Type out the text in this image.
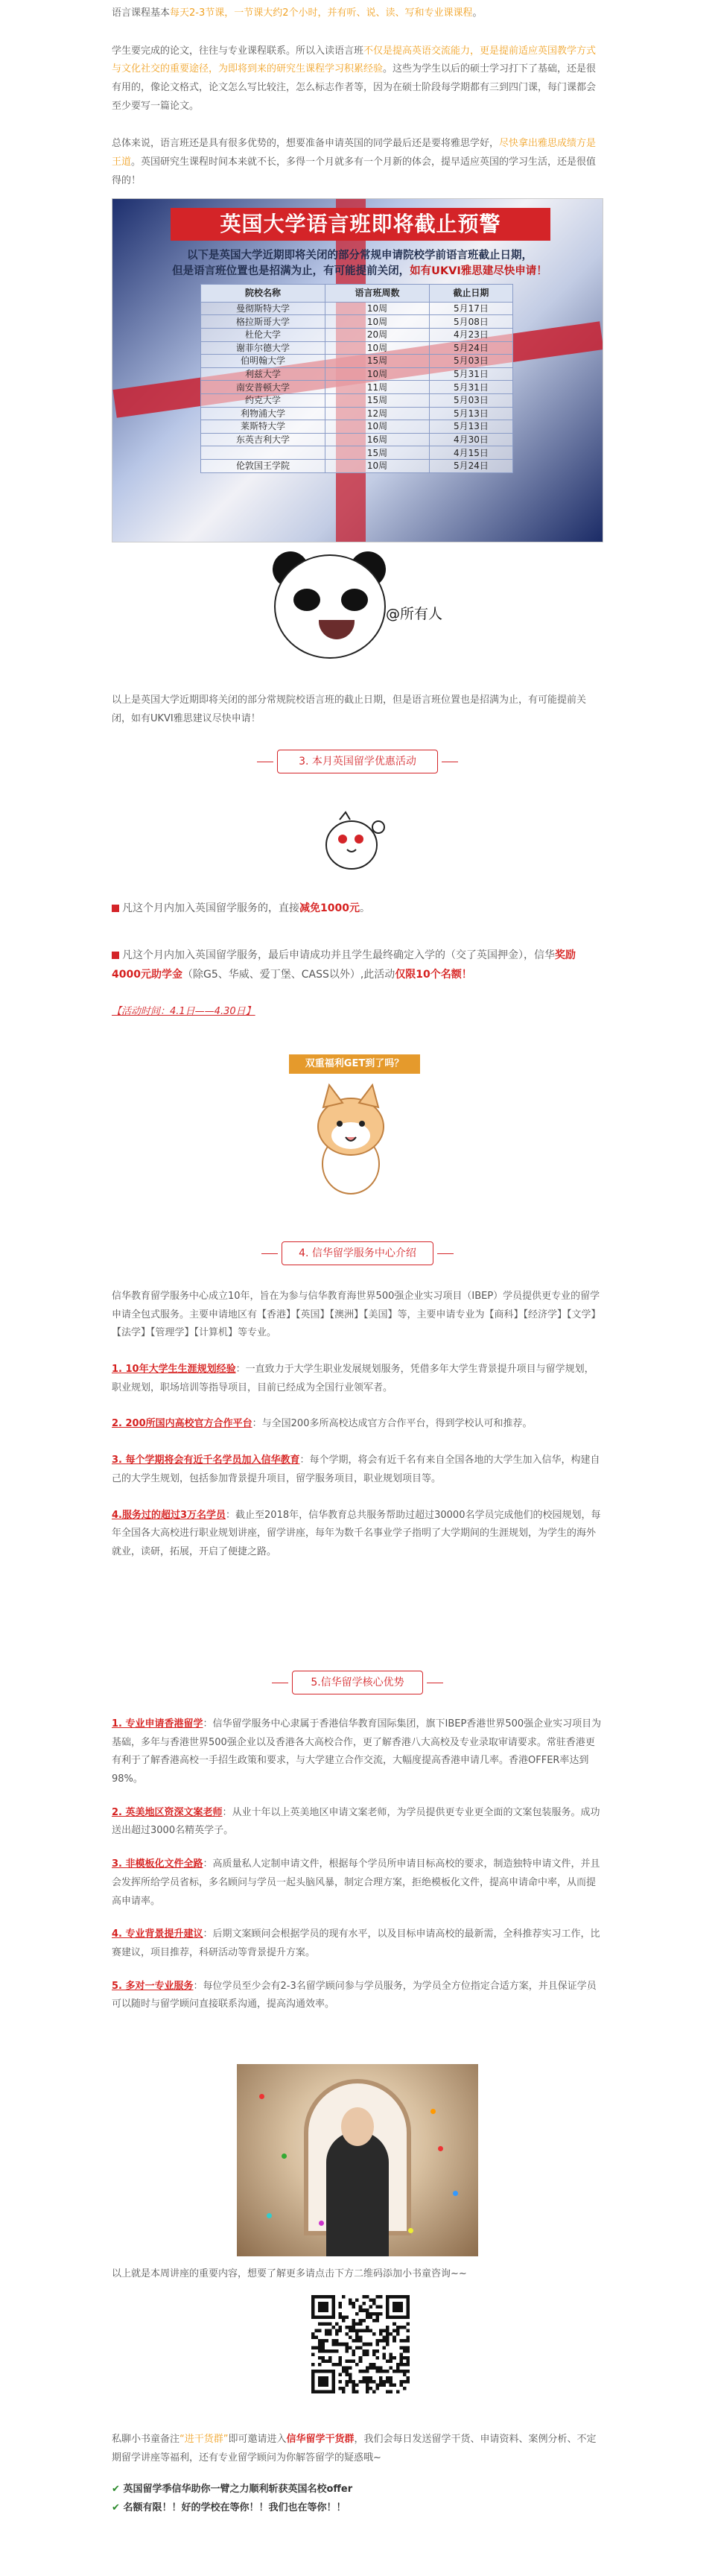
语言课程基本每天2-3节课，一节课大约2个小时，并有听、说、读、写和专业课课程。

学生要完成的论文，往往与专业课程联系。所以入读语言班不仅是提高英语交流能力，更是提前适应英国教学方式与文化社交的重要途径，为即将到来的研究生课程学习积累经验。这些为学生以后的硕士学习打下了基础，还是很有用的，像论文格式，论文怎么写比较注，怎么标志作者等，因为在硕士阶段每学期都有三到四门课，每门课都会至少要写一篇论文。

总体来说，语言班还是具有很多优势的，想要准备申请英国的同学最后还是要将雅思学好，尽快拿出雅思成绩方是王道。英国研究生课程时间本来就不长，多得一个月就多有一个月新的体会，提早适应英国的学习生活，还是很值得的！

英国大学语言班即将截止预警
以下是英国大学近期即将关闭的部分常规申请院校学前语言班截止日期，
但是语言班位置也是招满为止，有可能提前关闭，如有UKVI雅思建尽快申请！
院校名称	语言班周数	截止日期
曼彻斯特大学	10周	5月17日
格拉斯哥大学	10周	5月08日
杜伦大学	20周	4月23日
谢菲尔德大学	10周	5月24日
伯明翰大学	15周	5月03日
利兹大学	10周	5月31日
南安普顿大学	11周	5月31日
约克大学	15周	5月03日
利物浦大学	12周	5月13日
莱斯特大学	10周	5月13日
东英吉利大学	16周	4月30日
	15周	4月15日
伦敦国王学院	10周	5月24日
@所有人

以上是英国大学近期即将关闭的部分常规院校语言班的截止日期，但是语言班位置也是招满为止，有可能提前关闭，如有UKVI雅思建议尽快申请！

3. 本月英国留学优惠活动

凡这个月内加入英国留学服务的，直接减免1000元。

凡这个月内加入英国留学服务，最后申请成功并且学生最终确定入学的（交了英国押金），信华奖励4000元助学金（除G5、华威、爱丁堡、CASS以外）,此活动仅限10个名额！

【活动时间：4.1日——4.30日】

双重福利GET到了吗？
4. 信华留学服务中心介绍

信华教育留学服务中心成立10年，旨在为参与信华教育海世界500强企业实习项目（IBEP）学员提供更专业的留学申请全包式服务。主要申请地区有【香港】【英国】【澳洲】【美国】等，主要申请专业为【商科】【经济学】【文学】【法学】【管理学】【计算机】等专业。

1. 10年大学生生涯规划经验：一直致力于大学生职业发展规划服务，凭借多年大学生背景提升项目与留学规划，职业规划，职场培训等指导项目，目前已经成为全国行业领军者。

2. 200所国内高校官方合作平台：与全国200多所高校达成官方合作平台，得到学校认可和推荐。

3. 每个学期将会有近千名学员加入信华教育：每个学期，将会有近千名有来自全国各地的大学生加入信华，构建自己的大学生规划，包括参加背景提升项目，留学服务项目，职业规划项目等。

4.服务过的超过3万名学员：截止至2018年，信华教育总共服务帮助过超过30000名学员完成他们的校园规划，每年全国各大高校进行职业规划讲座，留学讲座，每年为数千名事业学子指明了大学期间的生涯规划，为学生的海外就业，读研，拓展，开启了便捷之路。

5.信华留学核心优势

1. 专业申请香港留学：信华留学服务中心隶属于香港信华教育国际集团，旗下IBEP香港世界500强企业实习项目为基础，多年与香港世界500强企业以及香港各大高校合作，更了解香港八大高校及专业录取审请要求。常驻香港更有利于了解香港高校一手招生政策和要求，与大学建立合作交流，大幅度提高香港申请几率。香港OFFER率达到98%。

2. 英美地区资深文案老师：从业十年以上英美地区申请文案老师，为学员提供更专业更全面的文案包装服务。成功送出超过3000名精英学子。

3. 非模板化文件全路：高质量私人定制申请文件，根据每个学员所申请目标高校的要求，制造独特申请文件，并且会发挥所给学员省标，多名顾问与学员一起头脑风暴，制定合理方案，拒绝模板化文件，提高申请命中率，从而提高申请率。

4. 专业背景提升建议：后期文案顾问会根据学员的现有水平，以及目标申请高校的最新需，全科推荐实习工作，比赛建议，项目推荐，科研活动等背景提升方案。

5. 多对一专业服务：每位学员至少会有2-3名留学顾问参与学员服务，为学员全方位指定合适方案，并且保证学员可以随时与留学顾问直接联系沟通，提高沟通效率。

以上就是本周讲座的重要内容，想要了解更多请点击下方二维码添加小书童咨询~~

私聊小书童备注“进干货群”即可邀请进入信华留学干货群，我们会每日发送留学干货、申请资料、案例分析、不定期留学讲座等福利，还有专业留学顾问为你解答留学的疑惑哦~

✔ 英国留学季信华助你一臂之力顺利斩获英国名校offer

✔ 名额有限！！好的学校在等你！！我们也在等你！！
